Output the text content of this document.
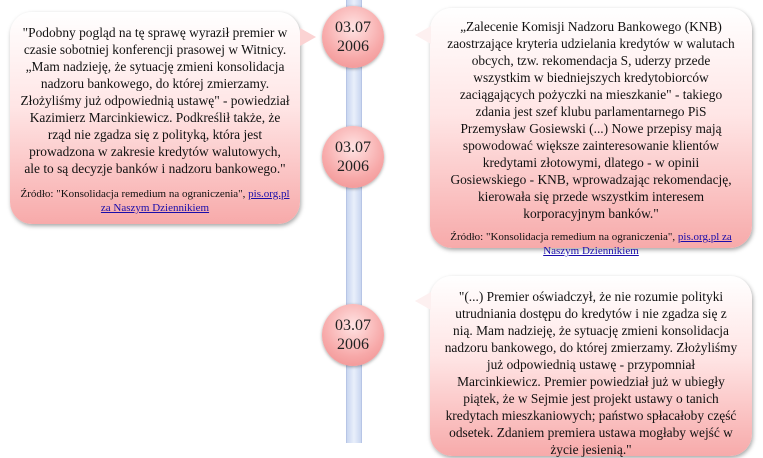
"Podobny pogląd na tę sprawę wyraził premier w czasie sobotniej konferencji prasowej w Witnicy. „Mam nadzieję, że sytuację zmieni konsolidacja nadzoru bankowego, do której zmierzamy. Złożyliśmy już odpowiednią ustawę" - powiedział Kazimierz Marcinkiewicz. Podkreślił także, że rząd nie zgadza się z polityką, która jest prowadzona w zakresie kredytów walutowych, ale to są decyzje banków i nadzoru bankowego."
Źródło: "Konsolidacja remedium na ograniczenia", pis.org.pl za Naszym Dziennikiem
„Zalecenie Komisji Nadzoru Bankowego (KNB) zaostrzające kryteria udzielania kredytów w walutach obcych, tzw. rekomendacja S, uderzy przede wszystkim w biedniejszych kredytobiorców zaciągających pożyczki na mieszkanie" - takiego zdania jest szef klubu parlamentarnego PiS Przemysław Gosiewski (...) Nowe przepisy mają spowodować większe zainteresowanie klientów kredytami złotowymi, dlatego - w opinii Gosiewskiego - KNB, wprowadzając rekomendację, kierowała się przede wszystkim interesem korporacyjnym banków."
Źródło: "Konsolidacja remedium na ograniczenia", pis.org.pl za Naszym Dziennikiem
"(...) Premier oświadczył, że nie rozumie polityki utrudniania dostępu do kredytów i nie zgadza się z nią. Mam nadzieję, że sytuację zmieni konsolidacja nadzoru bankowego, do której zmierzamy. Złożyliśmy już odpowiednią ustawę - przypomniał Marcinkiewicz. Premier powiedział już w ubiegły piątek, że w Sejmie jest projekt ustawy o tanich kredytach mieszkaniowych; państwo spłacałoby część odsetek. Zdaniem premiera ustawa mogłaby wejść w życie jesienią."
03.07
2006
03.07
2006
03.07
2006
